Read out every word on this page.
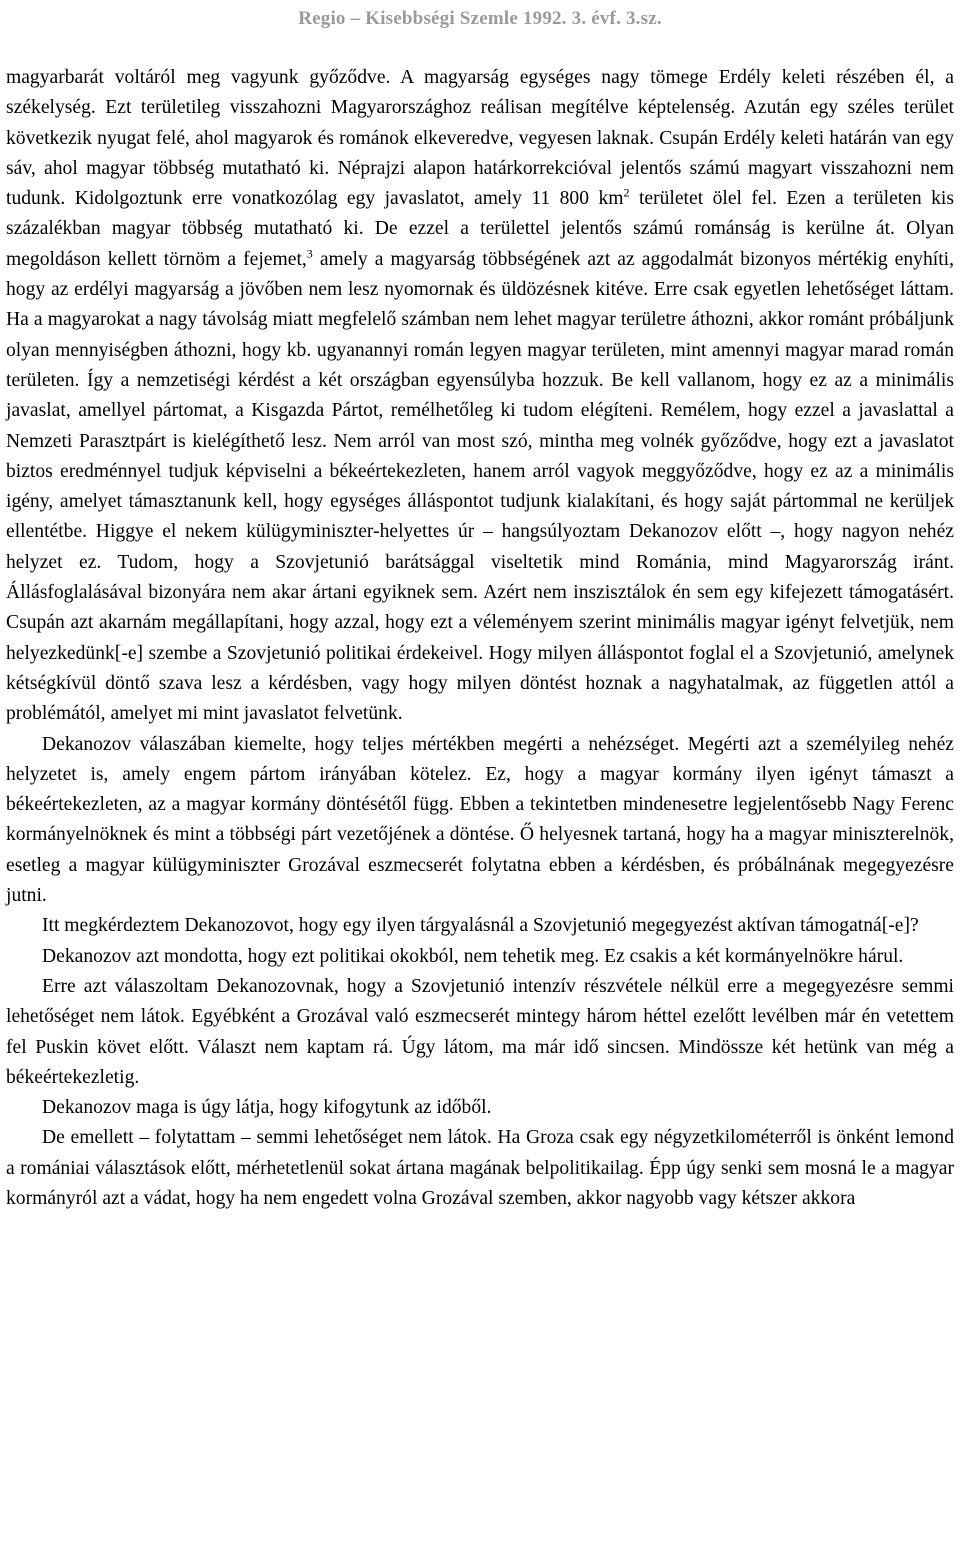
Regio – Kisebbségi Szemle 1992. 3. évf. 3.sz.

magyarbarát voltáról meg vagyunk győződve. A magyarság egységes nagy tömege Erdély keleti részében él, a székelység. Ezt területileg visszahozni Magyarországhoz reálisan megítélve képtelenség. Azután egy széles terület következik nyugat felé, ahol magyarok és románok elkeveredve, vegyesen laknak. Csupán Erdély keleti határán van egy sáv, ahol magyar többség mutatható ki. Néprajzi alapon határkorrekcióval jelentős számú magyart visszahozni nem tudunk. Kidolgoztunk erre vonatkozólag egy javaslatot, amely 11 800 $km^2$ területet ölel fel. Ezen a területen kis százalékban magyar többség mutatható ki. De ezzel a területtel jelentős számú románság is kerülne át. Olyan megoldáson kellett törnöm a fejemet,$^3$ amely a magyarság többségének azt az aggodalmát bizonyos mértékig enyhíti, hogy az erdélyi magyarság a jövőben nem lesz nyomornak és üldözésnek kitéve. Erre csak egyetlen lehetőséget láttam. Ha a magyarokat a nagy távolság miatt megfelelő számban nem lehet magyar területre áthozni, akkor románt próbáljunk olyan mennyiségben áthozni, hogy kb. ugyanannyi román legyen magyar területen, mint amennyi magyar marad román területen. Így a nemzetiségi kérdést a két országban egyensúlyba hozzuk. Be kell vallanom, hogy ez az a minimális javaslat, amellyel pártomat, a Kisgazda Pártot, remélhetőleg ki tudom elégíteni. Remélem, hogy ezzel a javaslattal a Nemzeti Parasztpárt is kielégíthető lesz. Nem arról van most szó, mintha meg volnék győződve, hogy ezt a javaslatot biztos eredménnyel tudjuk képviselni a békeértekezleten, hanem arról vagyok meggyőződve, hogy ez az a minimális igény, amelyet támasztanunk kell, hogy egységes álláspontot tudjunk kialakítani, és hogy saját pártommal ne kerüljek ellentétbe. Higgye el nekem külügyminiszter-helyettes úr – hangsúlyoztam Dekanozov előtt –, hogy nagyon nehéz helyzet ez. Tudom, hogy a Szovjetunió barátsággal viseltetik mind Románia, mind Magyarország iránt. Állásfoglalásával bizonyára nem akar ártani egyiknek sem. Azért nem inszisztálok én sem egy kifejezett támogatásért. Csupán azt akarnám megállapítani, hogy azzal, hogy ezt a véleményem szerint minimális magyar igényt felvetjük, nem helyezkedünk[-e] szembe a Szovjetunió politikai érdekeivel. Hogy milyen álláspontot foglal el a Szovjetunió, amelynek kétségkívül döntő szava lesz a kérdésben, vagy hogy milyen döntést hoznak a nagyhatalmak, az független attól a problémától, amelyet mi mint javaslatot felvetünk.

Dekanozov válaszában kiemelte, hogy teljes mértékben megérti a nehézséget. Megérti azt a személyileg nehéz helyzetet is, amely engem pártom irányában kötelez. Ez, hogy a magyar kormány ilyen igényt támaszt a békeértekezleten, az a magyar kormány döntésétől függ. Ebben a tekintetben mindenesetre legjelentősebb Nagy Ferenc kormányelnöknek és mint a többségi párt vezetőjének a döntése. Ő helyesnek tartaná, hogy ha a magyar miniszterelnök, esetleg a magyar külügyminiszter Grozával eszmecserét folytatna ebben a kérdésben, és próbálnának megegyezésre jutni.

Itt megkérdeztem Dekanozovot, hogy egy ilyen tárgyalásnál a Szovjetunió megegyezést aktívan támogatná[-e]?

Dekanozov azt mondotta, hogy ezt politikai okokból, nem tehetik meg. Ez csakis a két kormányelnökre hárul.

Erre azt válaszoltam Dekanozovnak, hogy a Szovjetunió intenzív részvétele nélkül erre a megegyezésre semmi lehetőséget nem látok. Egyébként a Grozával való eszmecserét mintegy három héttel ezelőtt levélben már én vetettem fel Puskin követ előtt. Választ nem kaptam rá. Úgy látom, ma már idő sincsen. Mindössze két hetünk van még a békeértekezletig.

Dekanozov maga is úgy látja, hogy kifogytunk az időből.

De emellett – folytattam – semmi lehetőséget nem látok. Ha Groza csak egy négyzetkilométerről is önként lemond a romániai választások előtt, mérhetetlenül sokat ártana magának belpolitikailag. Épp úgy senki sem mosná le a magyar kormányról azt a vádat, hogy ha nem engedett volna Grozával szemben, akkor nagyobb vagy kétszer akkora
